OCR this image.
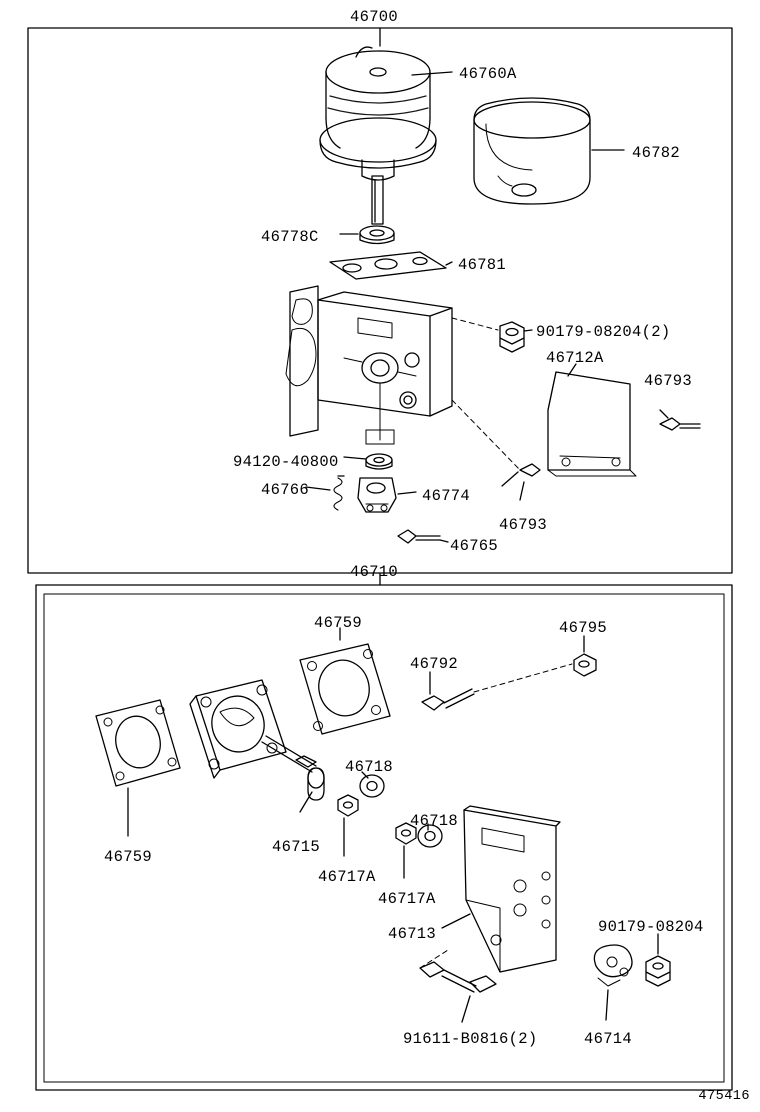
46700
46760A
46782
46778C
46781
90179-08204(2)
46712A
46793
94120-40800
46766	46774
46793
46765
46710
46759	46795
46792
46718
46718
46759
46715
46717A
46717A
46713	90179-08204
91611-B0816(2)	46714
475416
